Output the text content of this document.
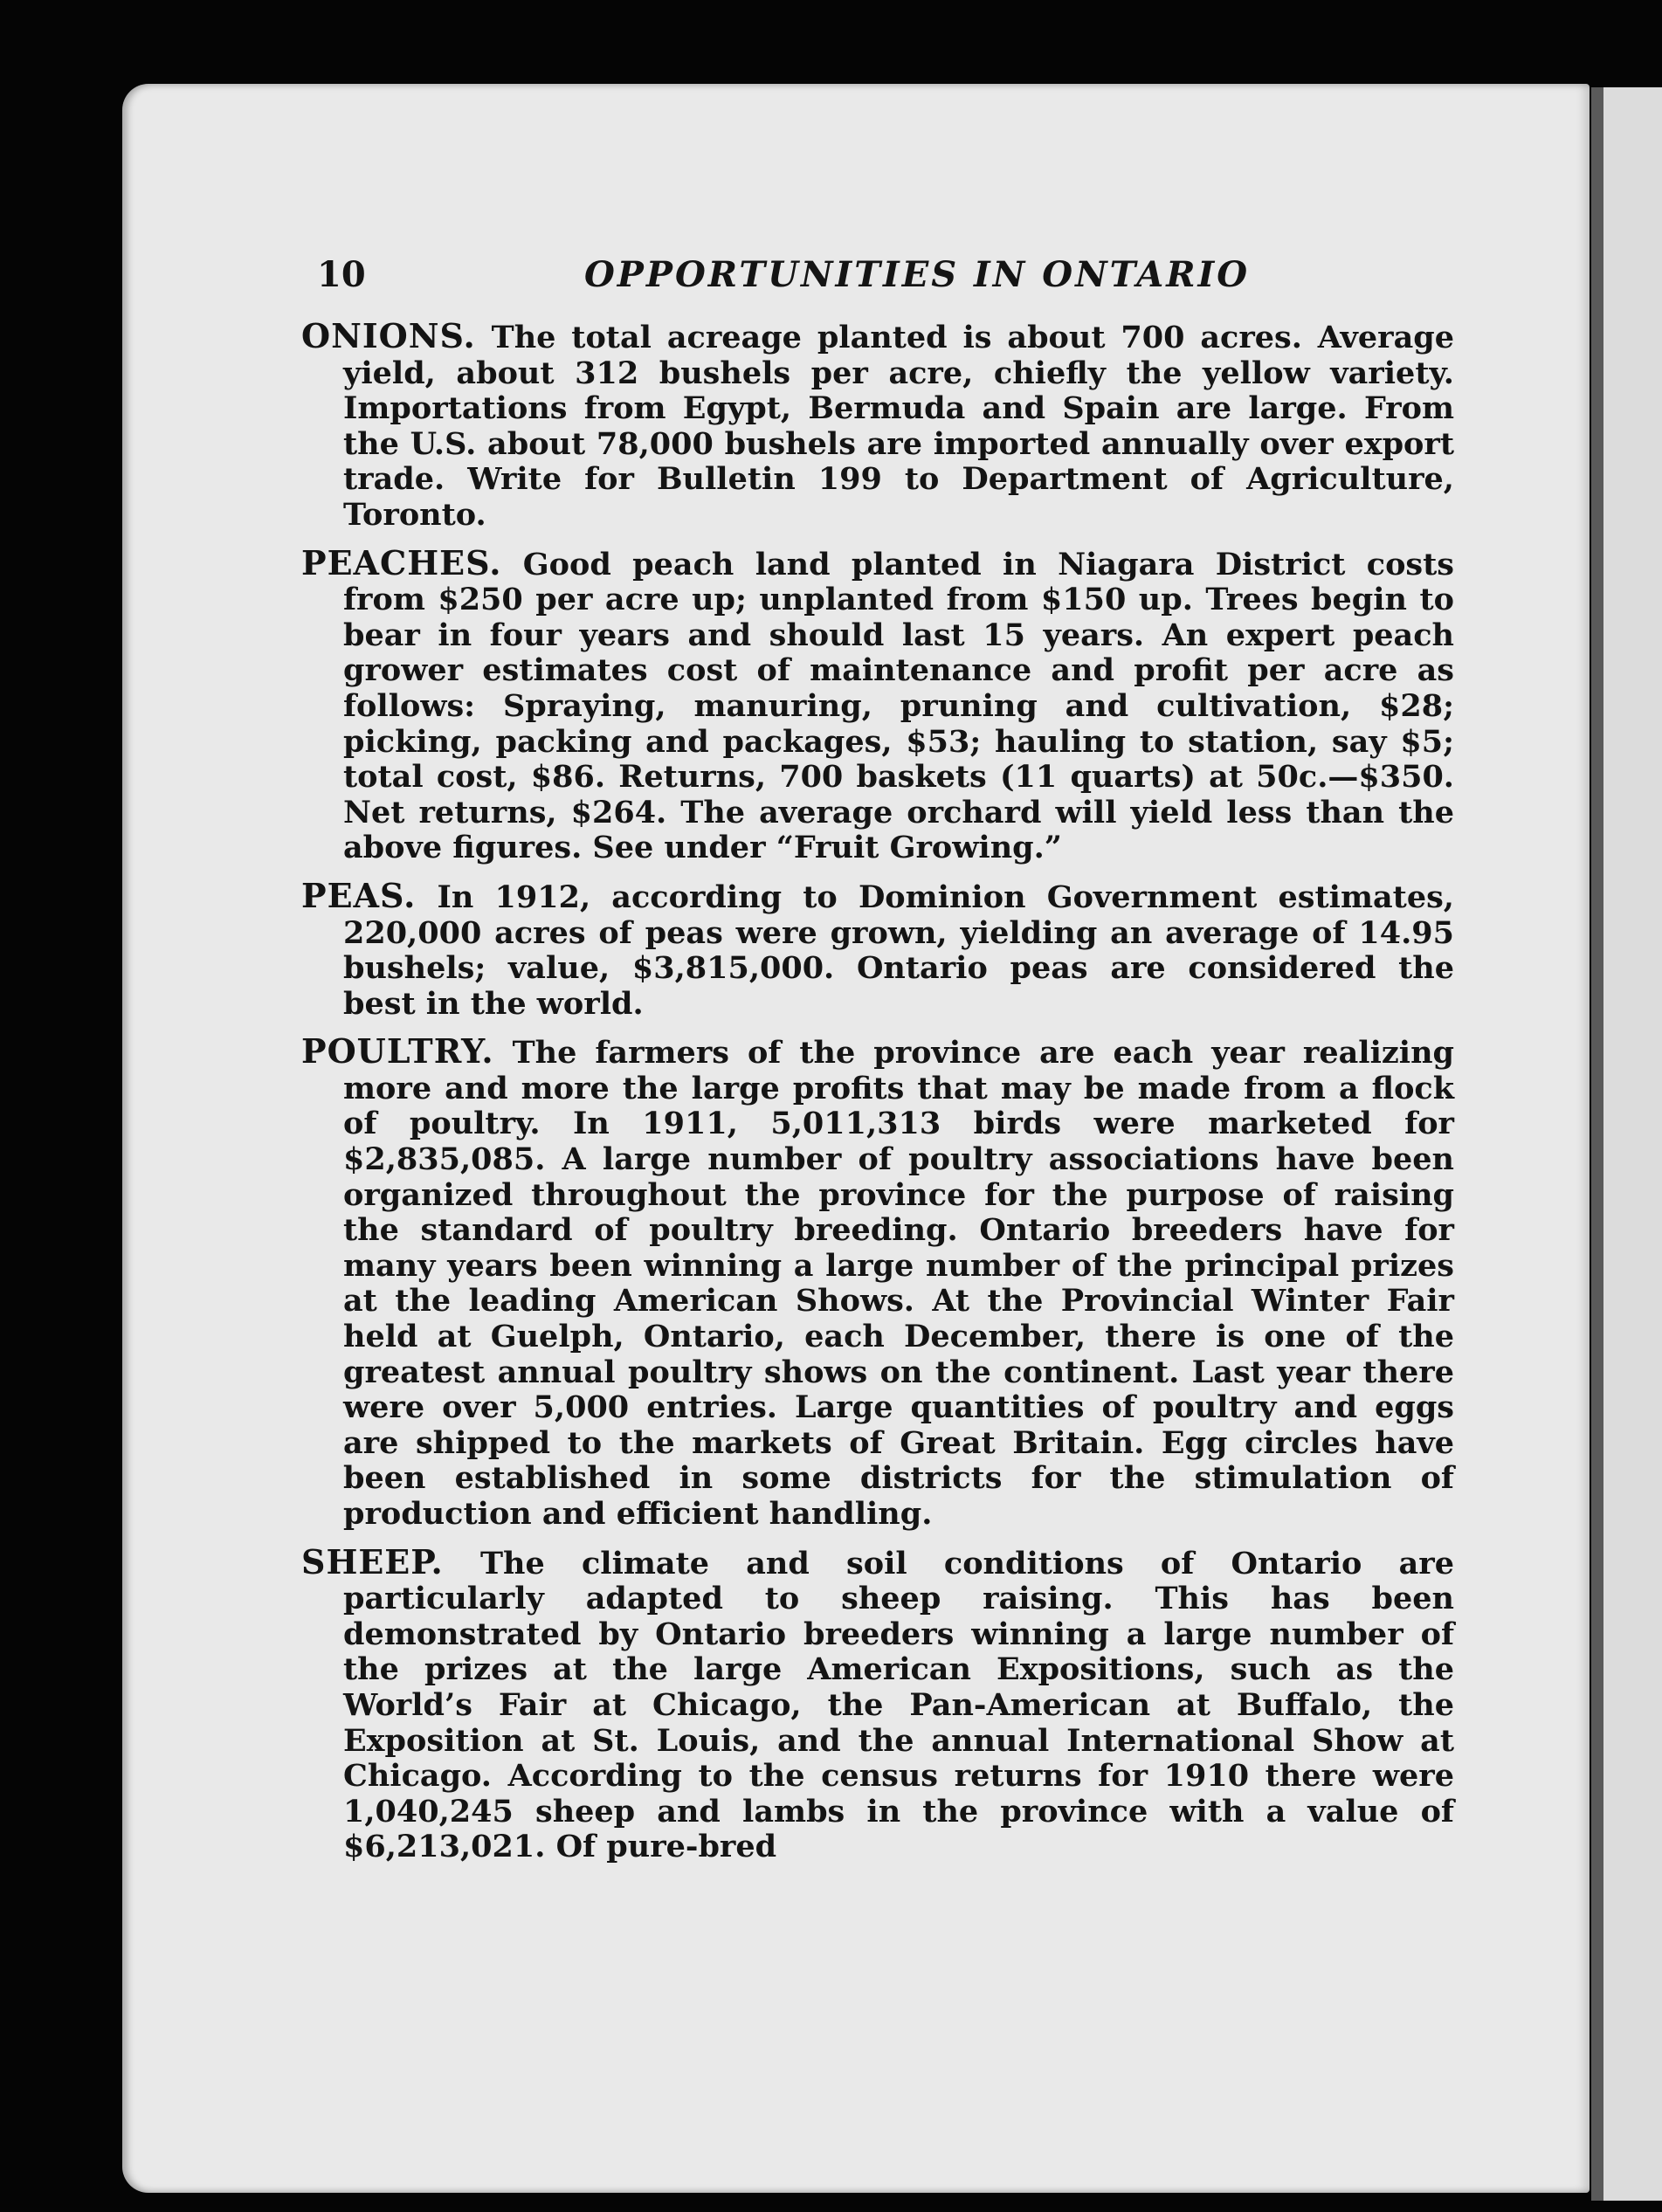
10	OPPORTUNITIES IN ONTARIO

ONIONS. The total acreage planted is about 700 acres. Average yield, about 312 bushels per acre, chiefly the yellow variety. Importations from Egypt, Bermuda and Spain are large. From the U.S. about 78,000 bushels are imported annually over export trade. Write for Bulletin 199 to Department of Agriculture, Toronto.

PEACHES. Good peach land planted in Niagara District costs from $250 per acre up; unplanted from $150 up. Trees begin to bear in four years and should last 15 years. An expert peach grower estimates cost of maintenance and profit per acre as follows: Spraying, manuring, pruning and cultivation, $28; picking, packing and packages, $53; hauling to station, say $5; total cost, $86. Returns, 700 baskets (11 quarts) at 50c.—$350. Net returns, $264. The average orchard will yield less than the above figures. See under “Fruit Growing.”

PEAS. In 1912, according to Dominion Government estimates, 220,000 acres of peas were grown, yielding an average of 14.95 bushels; value, $3,815,000. Ontario peas are considered the best in the world.

POULTRY. The farmers of the province are each year realizing more and more the large profits that may be made from a flock of poultry. In 1911, 5,011,313 birds were marketed for $2,835,085. A large number of poultry associations have been organized throughout the province for the purpose of raising the standard of poultry breeding. Ontario breeders have for many years been winning a large number of the principal prizes at the leading American Shows. At the Provincial Winter Fair held at Guelph, Ontario, each December, there is one of the greatest annual poultry shows on the continent. Last year there were over 5,000 entries. Large quantities of poultry and eggs are shipped to the markets of Great Britain. Egg circles have been established in some districts for the stimulation of production and efficient handling.

SHEEP. The climate and soil conditions of Ontario are particularly adapted to sheep raising. This has been demonstrated by Ontario breeders winning a large number of the prizes at the large American Expositions, such as the World’s Fair at Chicago, the Pan-American at Buffalo, the Exposition at St. Louis, and the annual International Show at Chicago. According to the census returns for 1910 there were 1,040,245 sheep and lambs in the province with a value of $6,213,021. Of pure-bred
